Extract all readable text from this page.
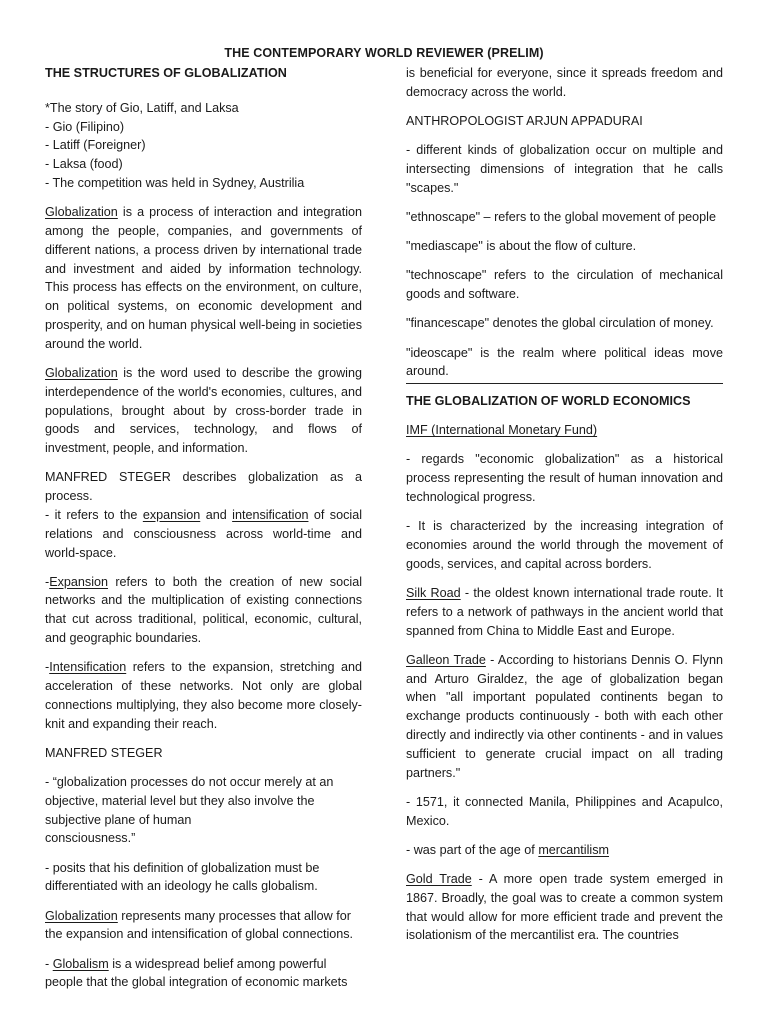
THE CONTEMPORARY WORLD REVIEWER (PRELIM)

THE STRUCTURES OF GLOBALIZATION

*The story of Gio, Latiff, and Laksa
- Gio (Filipino)
- Latiff (Foreigner)
- Laksa (food)
- The competition was held in Sydney, Austrilia

Globalization is a process of interaction and integration among the people, companies, and governments of different nations, a process driven by international trade and investment and aided by information technology. This process has effects on the environment, on culture, on political systems, on economic development and prosperity, and on human physical well-being in societies around the world.

Globalization is the word used to describe the growing interdependence of the world's economies, cultures, and populations, brought about by cross-border trade in goods and services, technology, and flows of investment, people, and information.

MANFRED STEGER describes globalization as a process.
- it refers to the expansion and intensification of social relations and consciousness across world-time and world-space.

-Expansion refers to both the creation of new social networks and the multiplication of existing connections that cut across traditional, political, economic, cultural, and geographic boundaries.

-Intensification refers to the expansion, stretching and acceleration of these networks. Not only are global connections multiplying, they also become more closely-knit and expanding their reach.

MANFRED STEGER

- “globalization processes do not occur merely at an
objective, material level but they also involve the
subjective plane of human
consciousness.”

- posits that his definition of globalization must be
differentiated with an ideology he calls globalism.

Globalization represents many processes that allow for
the expansion and intensification of global connections.

- Globalism is a widespread belief among powerful
people that the global integration of economic markets

is beneficial for everyone, since it spreads freedom and democracy across the world.

ANTHROPOLOGIST ARJUN APPADURAI

- different kinds of globalization occur on multiple and intersecting dimensions of integration that he calls "scapes."

"ethnoscape" – refers to the global movement of people

"mediascape" is about the flow of culture.

"technoscape" refers to the circulation of mechanical goods and software.

"financescape" denotes the global circulation of money.

"ideoscape" is the realm where political ideas move around.

THE GLOBALIZATION OF WORLD ECONOMICS

IMF (International Monetary Fund)

- regards "economic globalization" as a historical process representing the result of human innovation and technological progress.

- It is characterized by the increasing integration of economies around the world through the movement of goods, services, and capital across borders.

Silk Road - the oldest known international trade route. It refers to a network of pathways in the ancient world that spanned from China to Middle East and Europe.

Galleon Trade - According to historians Dennis O. Flynn and Arturo Giraldez, the age of globalization began when "all important populated continents began to exchange products continuously - both with each other directly and indirectly via other continents - and in values sufficient to generate crucial impact on all trading partners."

- 1571, it connected Manila, Philippines and Acapulco, Mexico.

- was part of the age of mercantilism

Gold Trade - A more open trade system emerged in 1867. Broadly, the goal was to create a common system that would allow for more efficient trade and prevent the isolationism of the mercantilist era. The countries
